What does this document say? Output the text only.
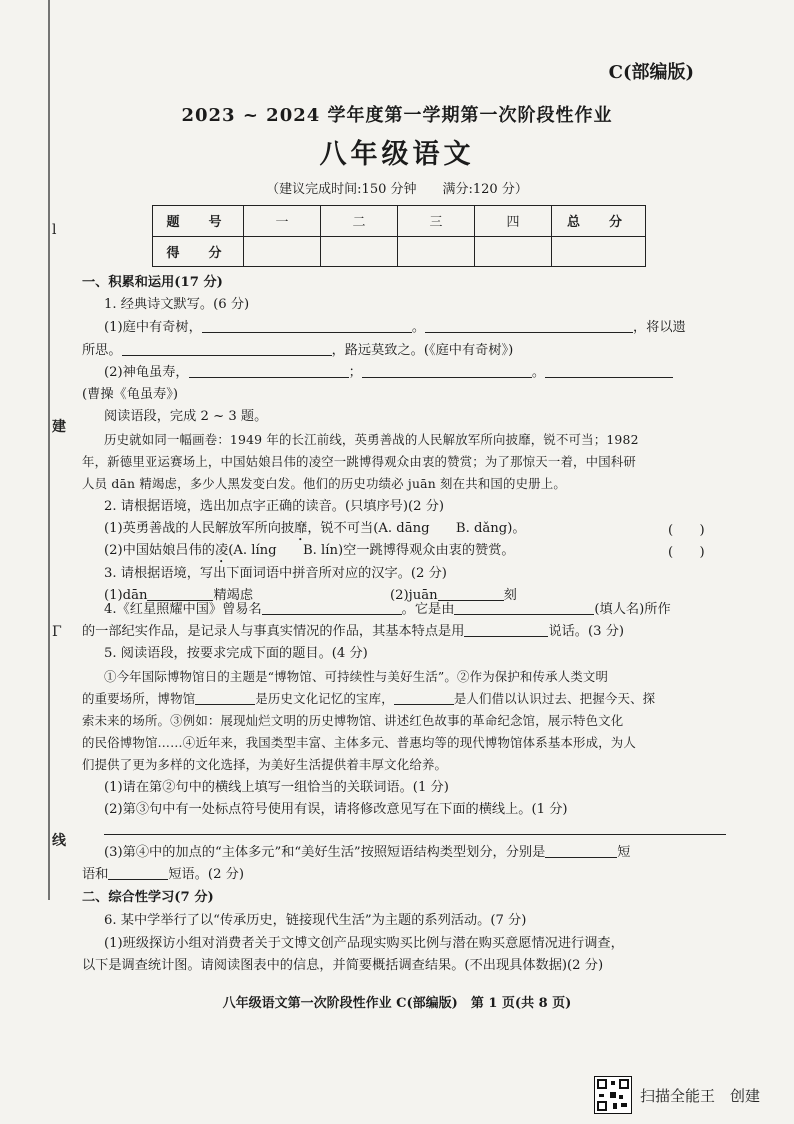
l
建
Γ
线
C(部编版)
2023 ~ 2024 学年度第一学期第一次阶段性作业
八年级语文
（建议完成时间:150 分钟　　满分:120 分）
题　号	一	二	三	四	总　分
得　分					
一、积累和运用(17 分)
1. 经典诗文默写。(6 分)
(1)庭中有奇树，	。	，将以遗
所思。	，路远莫致之。(《庭中有奇树》)
(2)神龟虽寿，	；	。
(曹操《龟虽寿》)
阅读语段，完成 2 ~ 3 题。
历史就如同一幅画卷：1949 年的长江前线，英勇善战的人民解放军所向披靡，锐不可当；1982
年，新德里亚运赛场上，中国姑娘吕伟的凌空一跳博得观众由衷的赞赏；为了那惊天一着，中国科研
人员 dān 精竭虑，多少人黑发变白发。他们的历史功绩必 juān 刻在共和国的史册上。
2. 请根据语境，选出加点字正确的读音。(只填序号)(2 分)
(1)英勇善战的人民解放军所向披靡，锐不可当(A. dāng　　B. dǎng)。	(　　)
(2)中国姑娘吕伟的凌(A. líng　　B. lín)空一跳博得观众由衷的赞赏。	(　　)
3. 请根据语境，写出下面词语中拼音所对应的汉字。(2 分)
(1)dān	精竭虑	(2)juān	刻
4.《红星照耀中国》曾易名	。它是由	(填人名)所作
的一部纪实作品，是记录人与事真实情况的作品，其基本特点是用	说话。(3 分)
5. 阅读语段，按要求完成下面的题目。(4 分)
①今年国际博物馆日的主题是“博物馆、可持续性与美好生活”。②作为保护和传承人类文明
的重要场所，博物馆	是历史文化记忆的宝库，	是人们借以认识过去、把握今天、探
索未来的场所。③例如：展现灿烂文明的历史博物馆、讲述红色故事的革命纪念馆，展示特色文化
的民俗博物馆……④近年来，我国类型丰富、主体多元、普惠均等的现代博物馆体系基本形成，为人
们提供了更为多样的文化选择，为美好生活提供着丰厚文化给养。
(1)请在第②句中的横线上填写一组恰当的关联词语。(1 分)
(2)第③句中有一处标点符号使用有误，请将修改意见写在下面的横线上。(1 分)
(3)第④中的加点的“主体多元”和“美好生活”按照短语结构类型划分，分别是	短
语和	短语。(2 分)
二、综合性学习(7 分)
6. 某中学举行了以“传承历史，链接现代生活”为主题的系列活动。(7 分)
(1)班级探访小组对消费者关于文博文创产品现实购买比例与潜在购买意愿情况进行调查，
以下是调查统计图。请阅读图表中的信息，并简要概括调查结果。(不出现具体数据)(2 分)
八年级语文第一次阶段性作业 C(部编版)　第 1 页(共 8 页)
扫描全能王　创建
